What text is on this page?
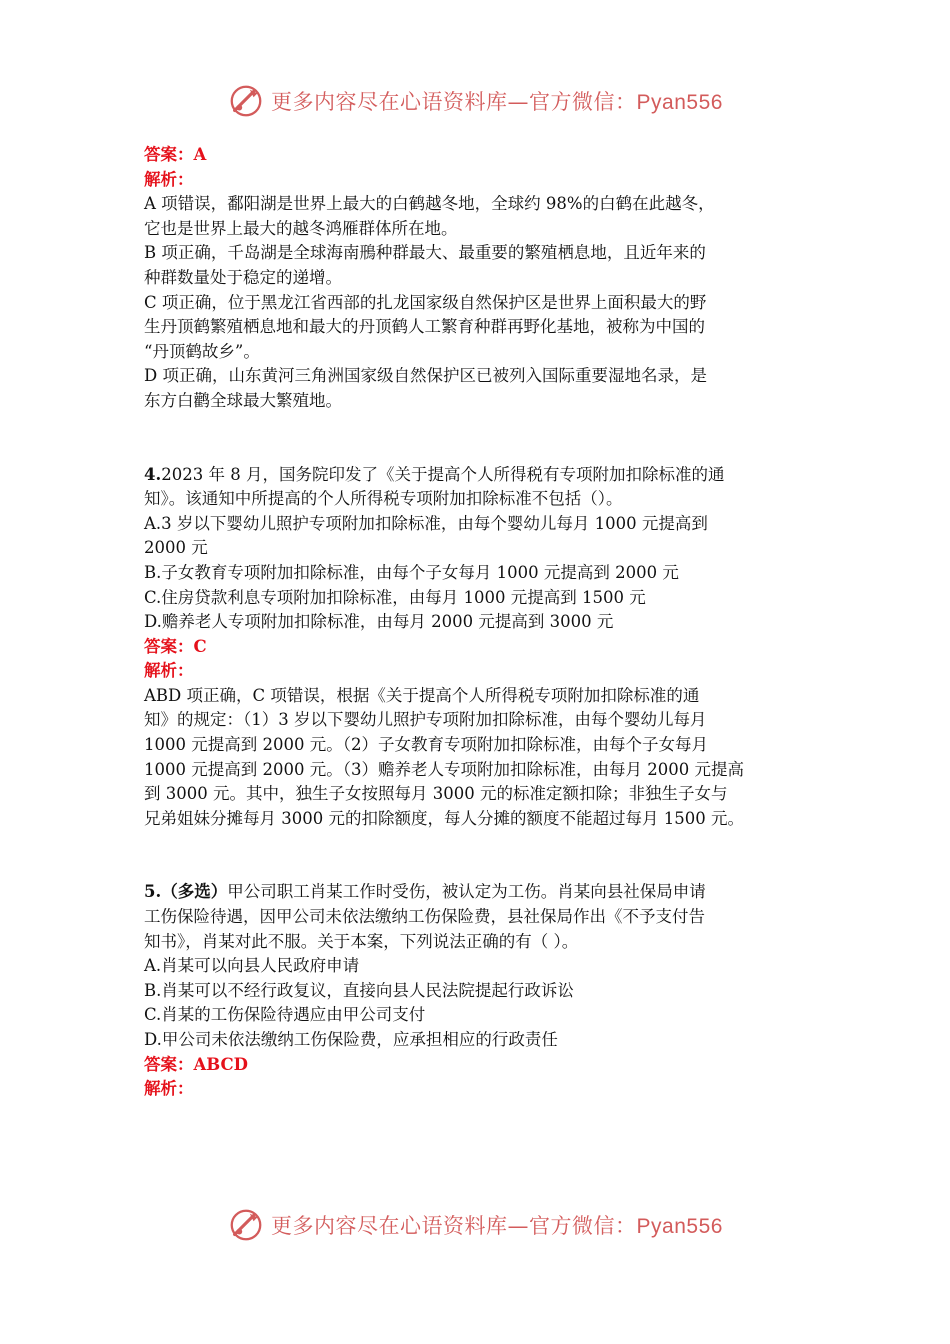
更多内容尽在心语资料库—官方微信：Pyan556
答案：A
解析：
A 项错误，鄱阳湖是世界上最大的白鹤越冬地，全球约 98%的白鹤在此越冬，
它也是世界上最大的越冬鸿雁群体所在地。
B 项正确，千岛湖是全球海南鳽种群最大、最重要的繁殖栖息地，且近年来的
种群数量处于稳定的递增。
C 项正确，位于黑龙江省西部的扎龙国家级自然保护区是世界上面积最大的野
生丹顶鹤繁殖栖息地和最大的丹顶鹤人工繁育种群再野化基地，被称为中国的
“丹顶鹤故乡”。
D 项正确，山东黄河三角洲国家级自然保护区已被列入国际重要湿地名录，是
东方白鹳全球最大繁殖地。
4.2023 年 8 月，国务院印发了《关于提高个人所得税有专项附加扣除标准的通
知》。该通知中所提高的个人所得税专项附加扣除标准不包括（）。
A.3 岁以下婴幼儿照护专项附加扣除标准，由每个婴幼儿每月 1000 元提高到
2000 元
B.子女教育专项附加扣除标准，由每个子女每月 1000 元提高到 2000 元
C.住房贷款利息专项附加扣除标准，由每月 1000 元提高到 1500 元
D.赡养老人专项附加扣除标准，由每月 2000 元提高到 3000 元
答案：C
解析：
ABD 项正确，C 项错误，根据《关于提高个人所得税专项附加扣除标准的通
知》的规定：（1）3 岁以下婴幼儿照护专项附加扣除标准，由每个婴幼儿每月
1000 元提高到 2000 元。（2）子女教育专项附加扣除标准，由每个子女每月
1000 元提高到 2000 元。（3）赡养老人专项附加扣除标准，由每月 2000 元提高
到 3000 元。其中，独生子女按照每月 3000 元的标准定额扣除；非独生子女与
兄弟姐妹分摊每月 3000 元的扣除额度，每人分摊的额度不能超过每月 1500 元。
5.（多选）甲公司职工肖某工作时受伤，被认定为工伤。肖某向县社保局申请
工伤保险待遇，因甲公司未依法缴纳工伤保险费，县社保局作出《不予支付告
知书》，肖某对此不服。关于本案，下列说法正确的有（ ）。
A.肖某可以向县人民政府申请
B.肖某可以不经行政复议，直接向县人民法院提起行政诉讼
C.肖某的工伤保险待遇应由甲公司支付
D.甲公司未依法缴纳工伤保险费，应承担相应的行政责任
答案：ABCD
解析：
更多内容尽在心语资料库—官方微信：Pyan556
